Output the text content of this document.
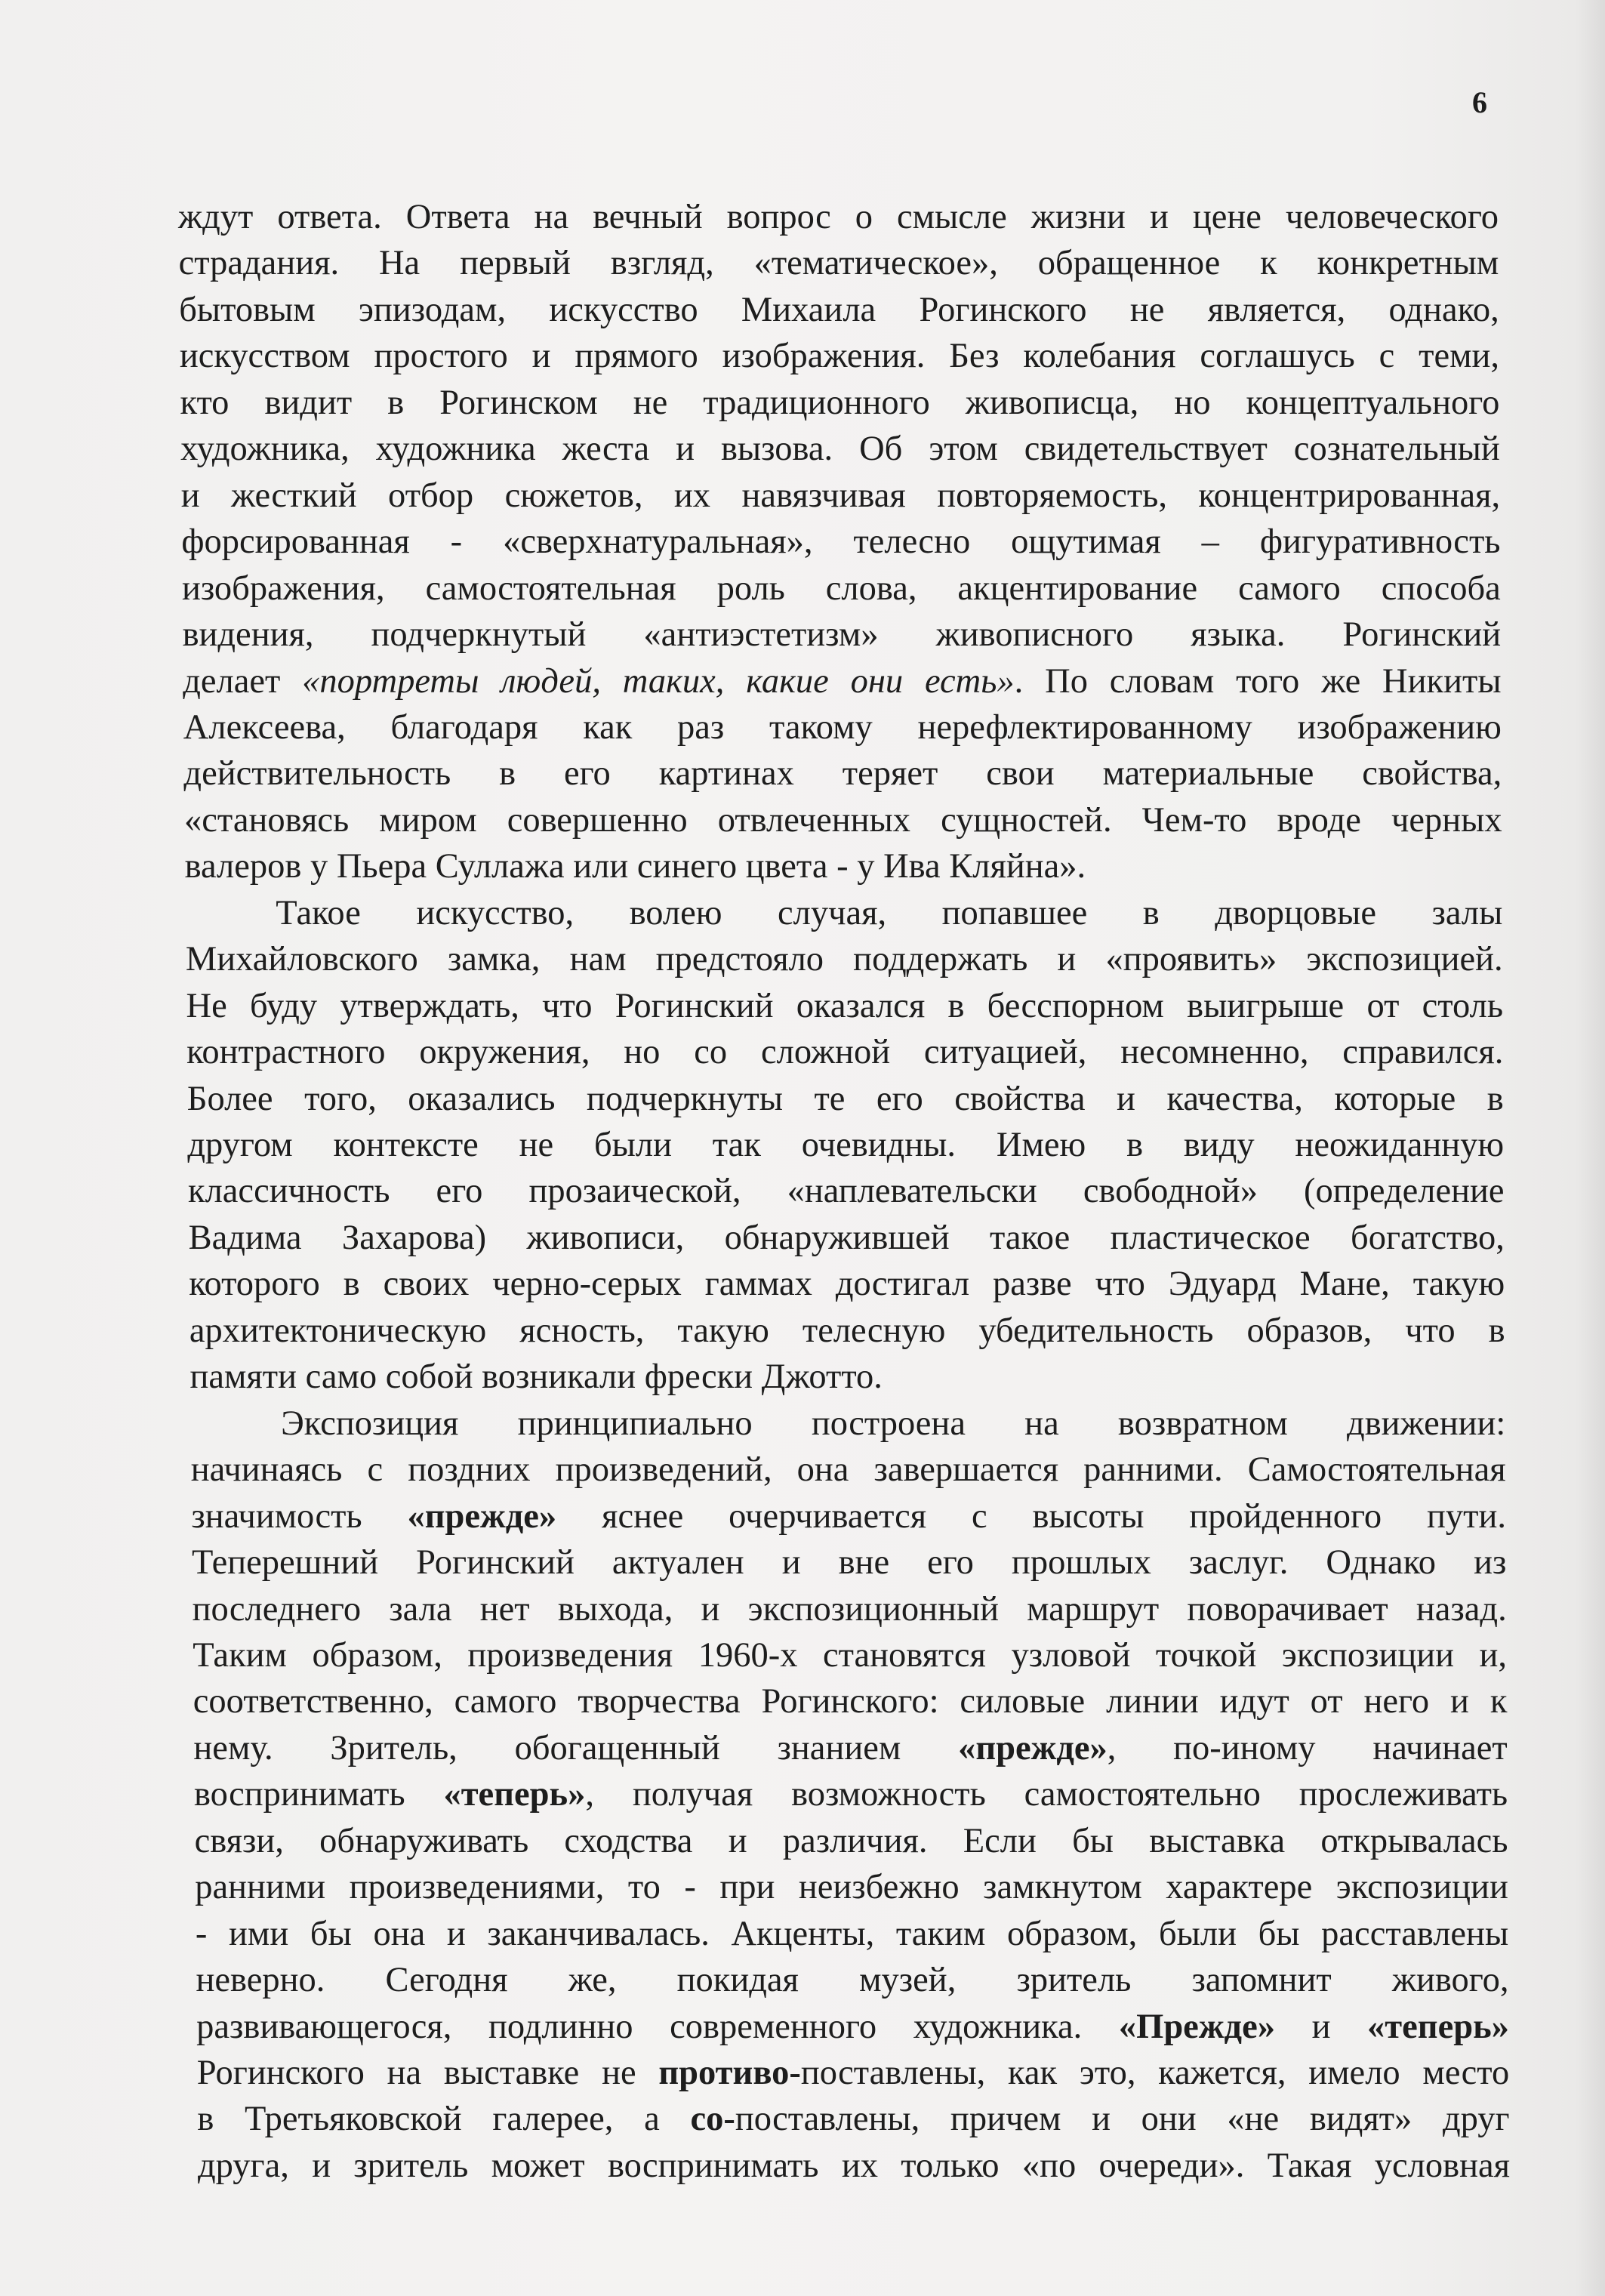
6
ждут ответа. Ответа на вечный вопрос о смысле жизни и цене человеческого
страдания. На первый взгляд, «тематическое», обращенное к конкретным
бытовым эпизодам, искусство Михаила Рогинского не является, однако,
искусством простого и прямого изображения. Без колебания соглашусь с теми,
кто видит в Рогинском не традиционного живописца, но концептуального
художника, художника жеста и вызова. Об этом свидетельствует сознательный
и жесткий отбор сюжетов, их навязчивая повторяемость, концентрированная,
форсированная - «сверхнатуральная», телесно ощутимая – фигуративность
изображения, самостоятельная роль слова, акцентирование самого способа
видения, подчеркнутый «антиэстетизм» живописного языка. Рогинский
делает «портреты людей, таких, какие они есть». По словам того же Никиты
Алексеева, благодаря как раз такому нерефлектированному изображению
действительность в его картинах теряет свои материальные свойства,
«становясь миром совершенно отвлеченных сущностей. Чем-то вроде черных
валеров у Пьера Суллажа или синего цвета - у Ива Кляйна».
Такое искусство, волею случая, попавшее в дворцовые залы
Михайловского замка, нам предстояло поддержать и «проявить» экспозицией.
Не буду утверждать, что Рогинский оказался в бесспорном выигрыше от столь
контрастного окружения, но со сложной ситуацией, несомненно, справился.
Более того, оказались подчеркнуты те его свойства и качества, которые в
другом контексте не были так очевидны. Имею в виду неожиданную
классичность его прозаической, «наплевательски свободной» (определение
Вадима Захарова) живописи, обнаружившей такое пластическое богатство,
которого в своих черно-серых гаммах достигал разве что Эдуард Мане, такую
архитектоническую ясность, такую телесную убедительность образов, что в
памяти само собой возникали фрески Джотто.
Экспозиция принципиально построена на возвратном движении:
начинаясь с поздних произведений, она завершается ранними. Самостоятельная
значимость «прежде» яснее очерчивается с высоты пройденного пути.
Теперешний Рогинский актуален и вне его прошлых заслуг. Однако из
последнего зала нет выхода, и экспозиционный маршрут поворачивает назад.
Таким образом, произведения 1960-х становятся узловой точкой экспозиции и,
соответственно, самого творчества Рогинского: силовые линии идут от него и к
нему. Зритель, обогащенный знанием «прежде», по-иному начинает
воспринимать «теперь», получая возможность самостоятельно прослеживать
связи, обнаруживать сходства и различия. Если бы выставка открывалась
ранними произведениями, то - при неизбежно замкнутом характере экспозиции
- ими бы она и заканчивалась. Акценты, таким образом, были бы расставлены
неверно. Сегодня же, покидая музей, зритель запомнит живого,
развивающегося, подлинно современного художника. «Прежде» и «теперь»
Рогинского на выставке не противо-поставлены, как это, кажется, имело место
в Третьяковской галерее, а со-поставлены, причем и они «не видят» друг
друга, и зритель может воспринимать их только «по очереди». Такая условная
